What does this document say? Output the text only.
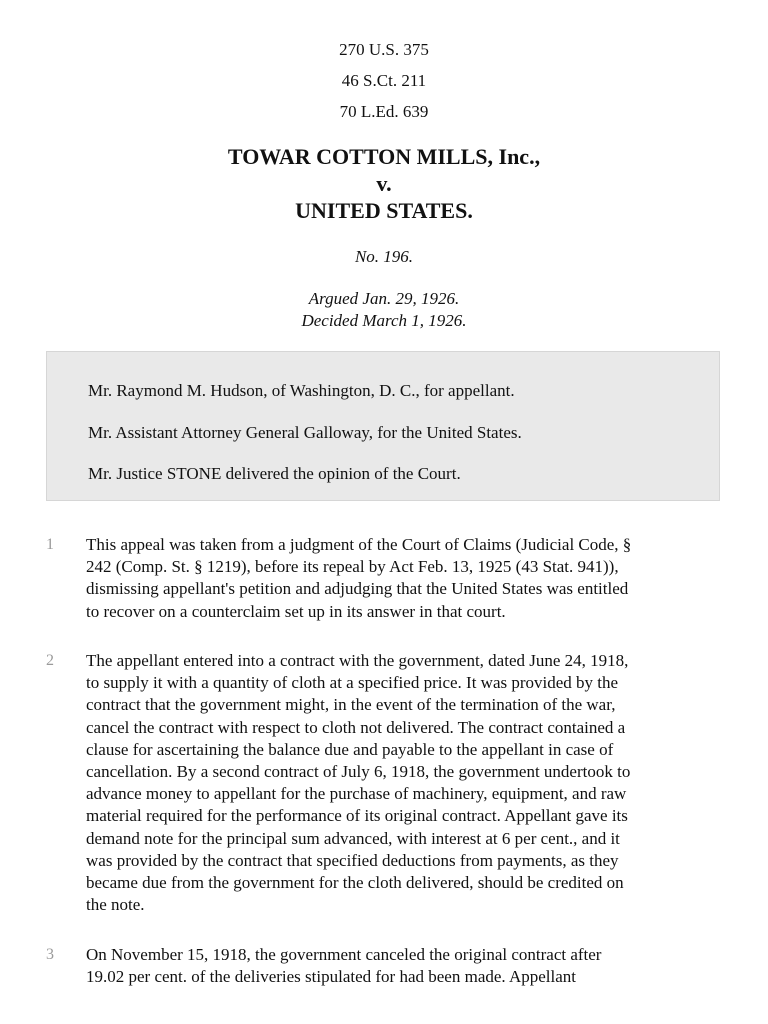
270 U.S. 375
46 S.Ct. 211
70 L.Ed. 639
TOWAR COTTON MILLS, Inc.,
v.
UNITED STATES.
No. 196.
Argued Jan. 29, 1926.
Decided March 1, 1926.
Mr. Raymond M. Hudson, of Washington, D. C., for appellant.
Mr. Assistant Attorney General Galloway, for the United States.
Mr. Justice STONE delivered the opinion of the Court.
1 This appeal was taken from a judgment of the Court of Claims (Judicial Code, §
242 (Comp. St. § 1219), before its repeal by Act Feb. 13, 1925 (43 Stat. 941)),
dismissing appellant's petition and adjudging that the United States was entitled
to recover on a counterclaim set up in its answer in that court.
2 The appellant entered into a contract with the government, dated June 24, 1918,
to supply it with a quantity of cloth at a specified price. It was provided by the
contract that the government might, in the event of the termination of the war,
cancel the contract with respect to cloth not delivered. The contract contained a
clause for ascertaining the balance due and payable to the appellant in case of
cancellation. By a second contract of July 6, 1918, the government undertook to
advance money to appellant for the purchase of machinery, equipment, and raw
material required for the performance of its original contract. Appellant gave its
demand note for the principal sum advanced, with interest at 6 per cent., and it
was provided by the contract that specified deductions from payments, as they
became due from the government for the cloth delivered, should be credited on
the note.
3 On November 15, 1918, the government canceled the original contract after
19.02 per cent. of the deliveries stipulated for had been made. Appellant
